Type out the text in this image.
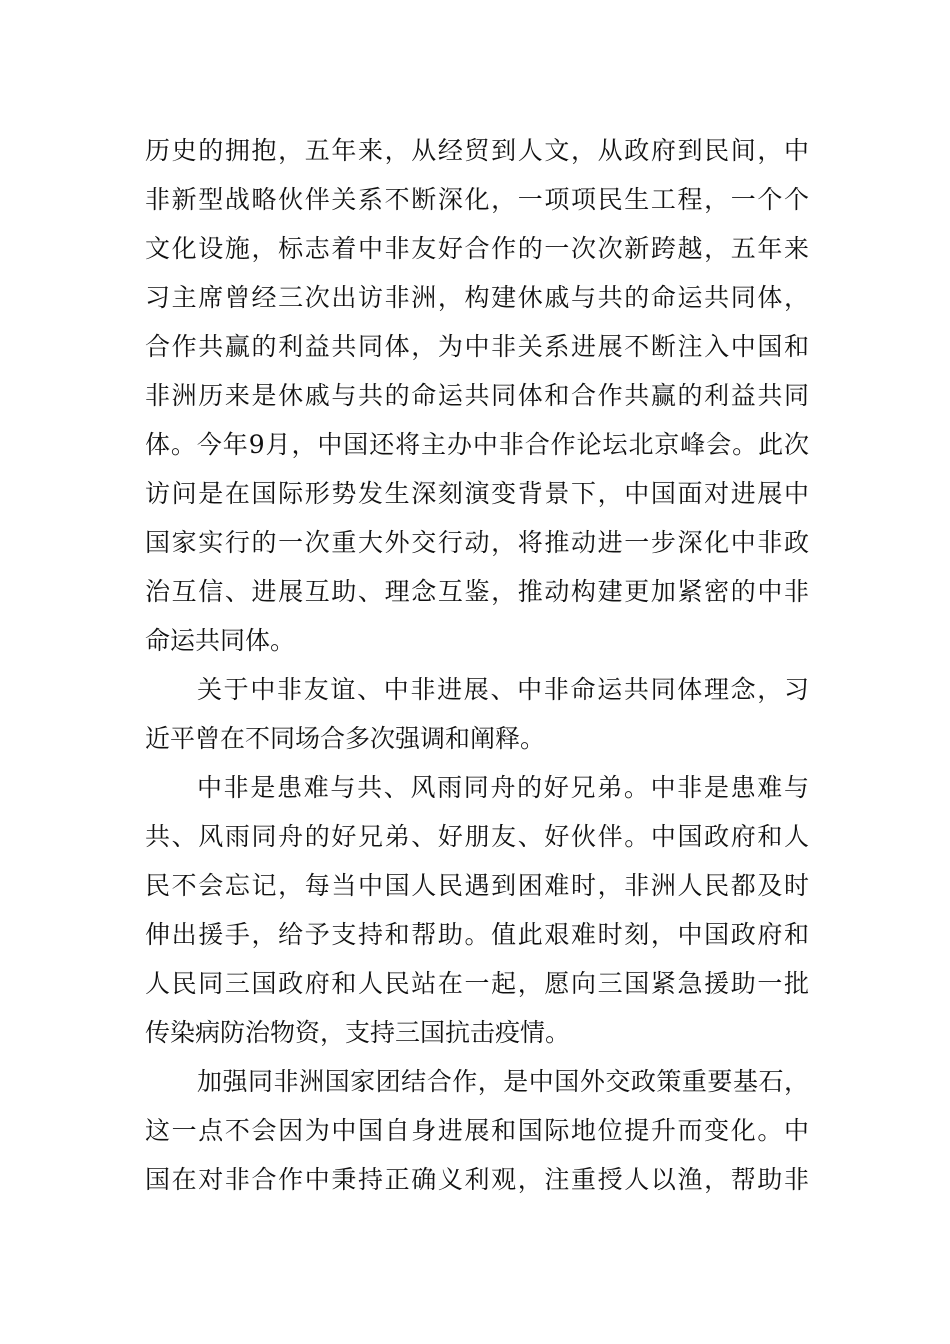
历史的拥抱，五年来，从经贸到人文，从政府到民间，中
非新型战略伙伴关系不断深化，一项项民生工程，一个个
文化设施，标志着中非友好合作的一次次新跨越，五年来
习主席曾经三次出访非洲，构建休戚与共的命运共同体，
合作共赢的利益共同体，为中非关系进展不断注入中国和
非洲历来是休戚与共的命运共同体和合作共赢的利益共同
体。今年9月，中国还将主办中非合作论坛北京峰会。此次
访问是在国际形势发生深刻演变背景下，中国面对进展中
国家实行的一次重大外交行动，将推动进一步深化中非政
治互信、进展互助、理念互鉴，推动构建更加紧密的中非
命运共同体。
关于中非友谊、中非进展、中非命运共同体理念，习
近平曾在不同场合多次强调和阐释。
中非是患难与共、风雨同舟的好兄弟。中非是患难与
共、风雨同舟的好兄弟、好朋友、好伙伴。中国政府和人
民不会忘记，每当中国人民遇到困难时，非洲人民都及时
伸出援手，给予支持和帮助。值此艰难时刻，中国政府和
人民同三国政府和人民站在一起，愿向三国紧急援助一批
传染病防治物资，支持三国抗击疫情。
加强同非洲国家团结合作，是中国外交政策重要基石，
这一点不会因为中国自身进展和国际地位提升而变化。中
国在对非合作中秉持正确义利观，注重授人以渔，帮助非
